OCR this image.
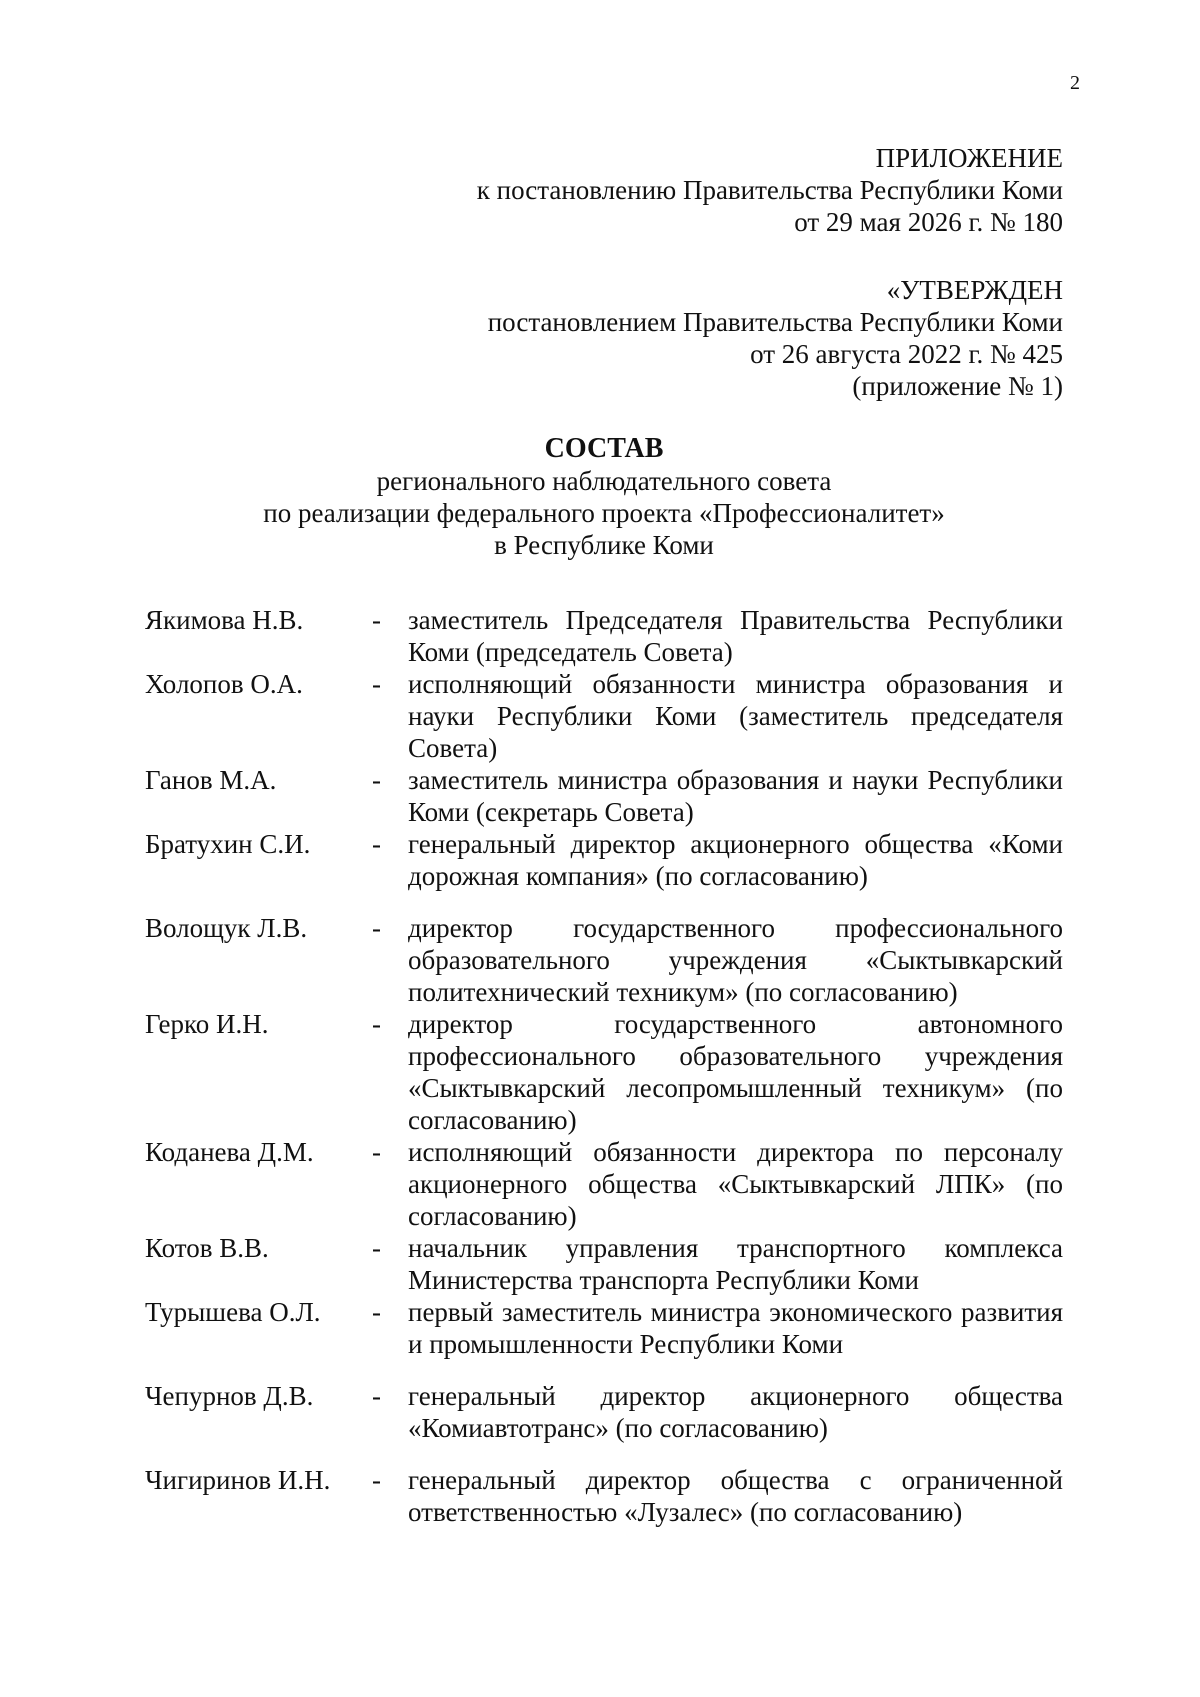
2
ПРИЛОЖЕНИЕ
к постановлению Правительства Республики Коми
от 29 мая 2026 г. № 180
«УТВЕРЖДЕН
постановлением Правительства Республики Коми
от 26 августа 2022 г. № 425
(приложение № 1)
СОСТАВ
регионального наблюдательного совета
по реализации федерального проекта «Профессионалитет»
в Республике Коми
Якимова Н.В.	-	заместитель Председателя Правительства Республики Коми (председатель Совета)
Холопов О.А.	-	исполняющий обязанности министра образования и науки Республики Коми (заместитель председателя Совета)
Ганов М.А.	-	заместитель министра образования и науки Республики Коми (секретарь Совета)
Братухин С.И.	-	генеральный директор акционерного общества «Коми дорожная компания» (по согласованию)
Волощук Л.В.	-	директор государственного профессионального образовательного учреждения «Сыктывкарский политехнический техникум» (по согласованию)
Герко И.Н.	-	директор государственного автономного профессионального образовательного учреждения «Сыктывкарский лесопромышленный техникум» (по согласованию)
Коданева Д.М.	-	исполняющий обязанности директора по персоналу акционерного общества «Сыктывкарский ЛПК» (по согласованию)
Котов В.В.	-	начальник управления транспортного комплекса Министерства транспорта Республики Коми
Турышева О.Л.	-	первый заместитель министра экономического развития и промышленности Республики Коми
Чепурнов Д.В.	-	генеральный директор акционерного общества «Комиавтотранс» (по согласованию)
Чигиринов И.Н.	-	генеральный директор общества с ограниченной ответственностью «Лузалес» (по согласованию)
